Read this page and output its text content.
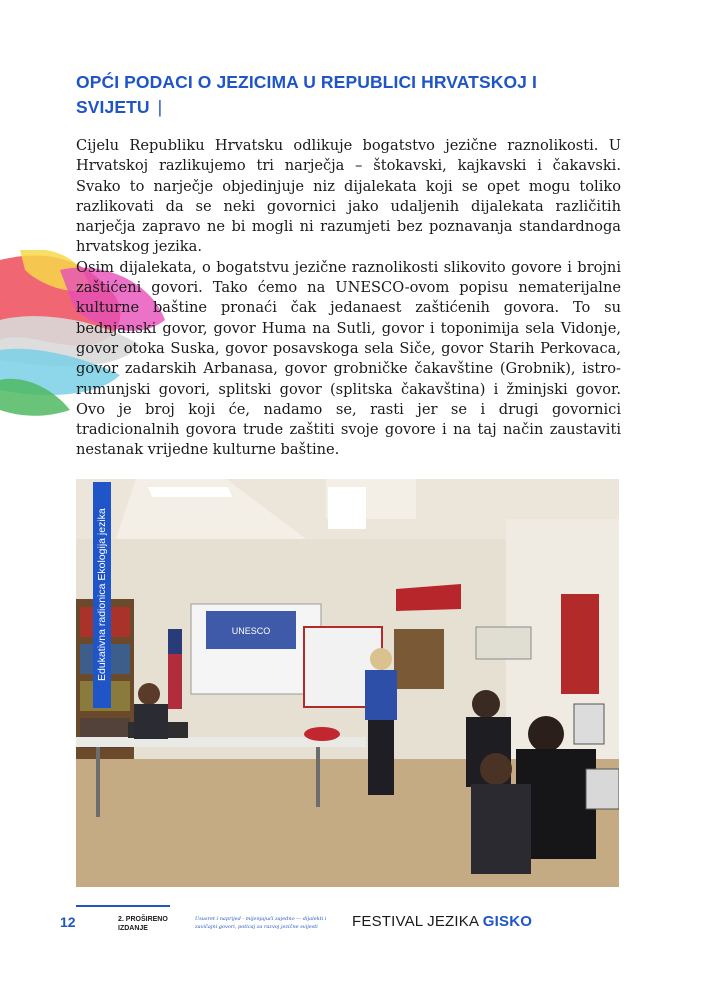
OPĆI PODACI O JEZICIMA U REPUBLICI HRVATSKOJ I
SVIJETU |

Cijelu Republiku Hrvatsku odlikuje bogatstvo jezične raznolikosti. U Hrvatskoj razlikujemo tri narječja – štokavski, kajkavski i čakavski. Svako to narječje objedinjuje niz dijalekata koji se opet mogu toliko razlikovati da se neki govornici jako udaljenih dijalekata različitih narječja zapravo ne bi mogli ni razumjeti bez poznavanja standardnoga hrvatskog jezika.

Osim dijalekata, o bogatstvu jezične raznolikosti slikovito govore i brojni zaštićeni govori. Tako ćemo na UNESCO-ovom popisu nematerijalne kulturne baštine pronaći čak jedanaest zaštićenih govora. To su bednjanski govor, govor Huma na Sutli, govor i toponimija sela Vidonje, govor otoka Suska, govor posavskoga sela Siče, govor Starih Perkovaca, govor zadarskih Arbanasa, govor grobničke čakavštine (Grobnik), istro-rumunjski govori, splitski govor (splitska čakavština) i žminjski govor. Ovo je broj koji će, nadamo se, rasti jer se i drugi govornici tradicionalnih govora trude zaštiti svoje govore i na taj način zaustaviti nestanak vrijedne kulturne baštine.

UNESCO
Edukativna radionica Ekologija jezika
12	2. PROŠIRENO
IZDANJE
Ususret i naprijed - mijenjajući zajedno — dijalekti i zavičajni govori, poticaj za razvoj jezične svijesti	FESTIVAL JEZIKA GISKO
